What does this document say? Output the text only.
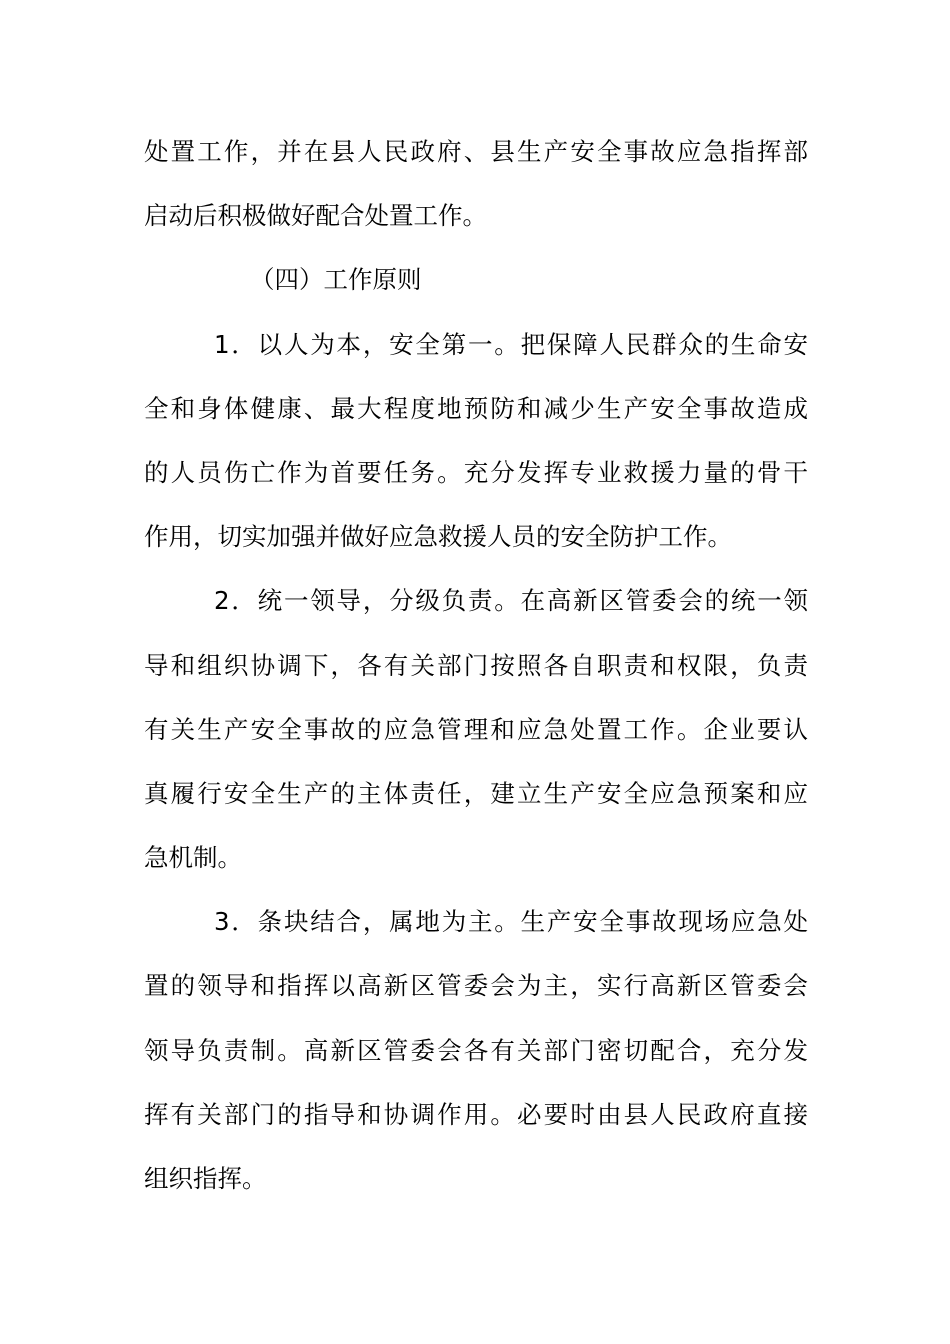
处置工作，并在县人民政府、县生产安全事故应急指挥部
启动后积极做好配合处置工作。
（四）工作原则
1．以人为本，安全第一。把保障人民群众的生命安
全和身体健康、最大程度地预防和减少生产安全事故造成
的人员伤亡作为首要任务。充分发挥专业救援力量的骨干
作用，切实加强并做好应急救援人员的安全防护工作。
2．统一领导，分级负责。在高新区管委会的统一领
导和组织协调下，各有关部门按照各自职责和权限，负责
有关生产安全事故的应急管理和应急处置工作。企业要认
真履行安全生产的主体责任，建立生产安全应急预案和应
急机制。
3．条块结合，属地为主。生产安全事故现场应急处
置的领导和指挥以高新区管委会为主，实行高新区管委会
领导负责制。高新区管委会各有关部门密切配合，充分发
挥有关部门的指导和协调作用。必要时由县人民政府直接
组织指挥。
